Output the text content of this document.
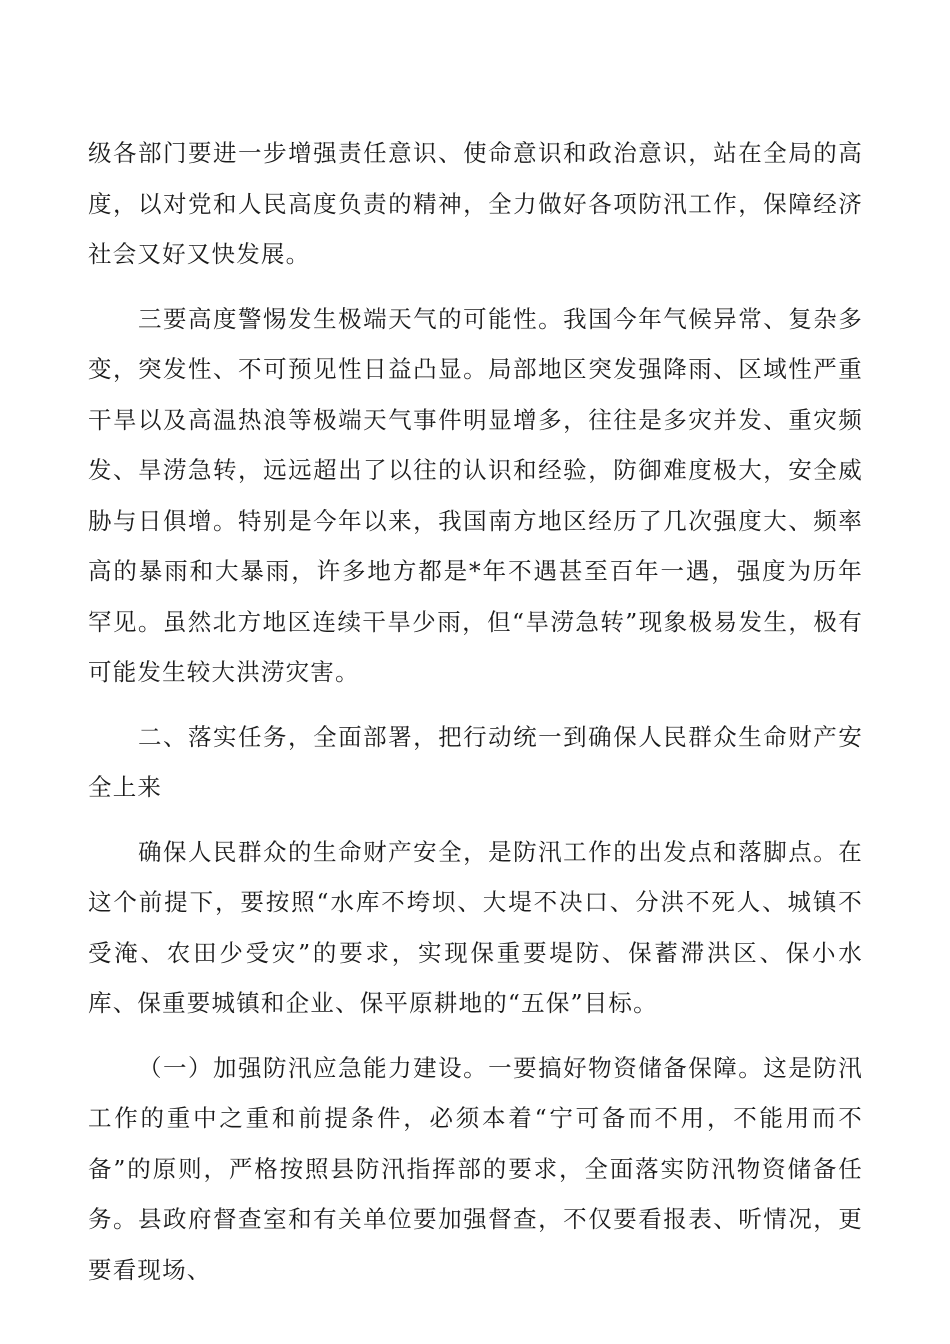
级各部门要进一步增强责任意识、使命意识和政治意识，站在全局的高度，以对党和人民高度负责的精神，全力做好各项防汛工作，保障经济社会又好又快发展。

三要高度警惕发生极端天气的可能性。我国今年气候异常、复杂多变，突发性、不可预见性日益凸显。局部地区突发强降雨、区域性严重干旱以及高温热浪等极端天气事件明显增多，往往是多灾并发、重灾频发、旱涝急转，远远超出了以往的认识和经验，防御难度极大，安全威胁与日俱增。特别是今年以来，我国南方地区经历了几次强度大、频率高的暴雨和大暴雨，许多地方都是*年不遇甚至百年一遇，强度为历年罕见。虽然北方地区连续干旱少雨，但“旱涝急转”现象极易发生，极有可能发生较大洪涝灾害。

二、落实任务，全面部署，把行动统一到确保人民群众生命财产安全上来

确保人民群众的生命财产安全，是防汛工作的出发点和落脚点。在这个前提下，要按照“水库不垮坝、大堤不决口、分洪不死人、城镇不受淹、农田少受灾”的要求，实现保重要堤防、保蓄滞洪区、保小水库、保重要城镇和企业、保平原耕地的“五保”目标。

（一）加强防汛应急能力建设。一要搞好物资储备保障。这是防汛工作的重中之重和前提条件，必须本着“宁可备而不用，不能用而不备”的原则，严格按照县防汛指挥部的要求，全面落实防汛物资储备任务。县政府督查室和有关单位要加强督查，不仅要看报表、听情况，更要看现场、
